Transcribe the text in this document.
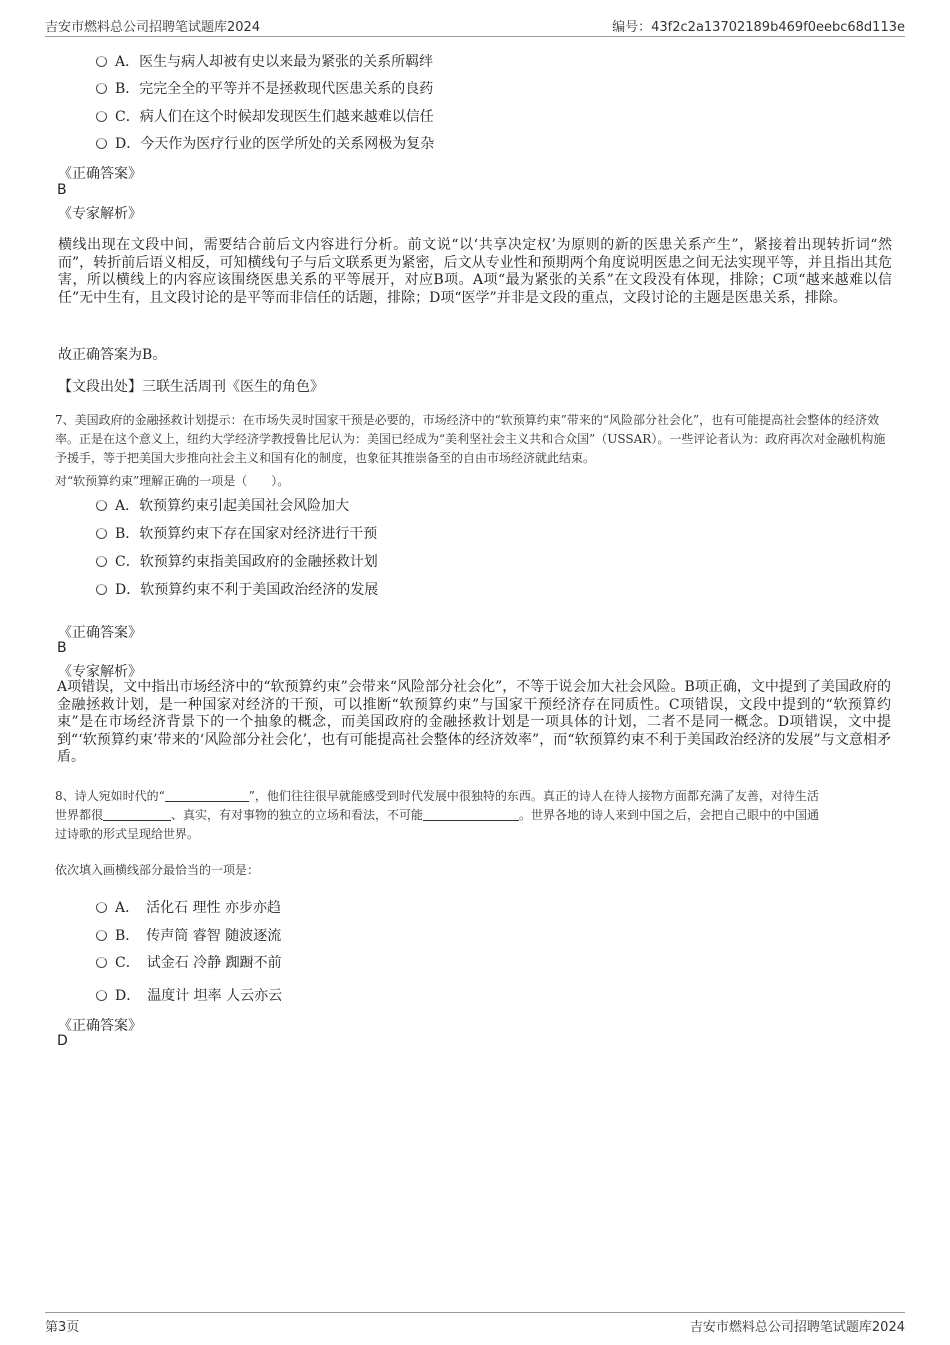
吉安市燃料总公司招聘笔试题库2024	编号：43f2c2a13702189b469f0eebc68d113e
A．医生与病人却被有史以来最为紧张的关系所羁绊
B．完完全全的平等并不是拯救现代医患关系的良药
C．病人们在这个时候却发现医生们越来越难以信任
D．今天作为医疗行业的医学所处的关系网极为复杂
《正确答案》
B
《专家解析》
横线出现在文段中间，需要结合前后文内容进行分析。前文说“以‘共享决定权’为原则的新的医患关系产生”，紧接着出现转折词“然而”，转折前后语义相反，可知横线句子与后文联系更为紧密，后文从专业性和预期两个角度说明医患之间无法实现平等，并且指出其危害，所以横线上的内容应该围绕医患关系的平等展开，对应B项。A项“最为紧张的关系”在文段没有体现，排除；C项“越来越难以信任”无中生有，且文段讨论的是平等而非信任的话题，排除；D项“医学”并非是文段的重点，文段讨论的主题是医患关系，排除。
故正确答案为B。
【文段出处】三联生活周刊《医生的角色》
7、美国政府的金融拯救计划提示：在市场失灵时国家干预是必要的，市场经济中的“软预算约束”带来的“风险部分社会化”，也有可能提高社会整体的经济效率。正是在这个意义上，纽约大学经济学教授鲁比尼认为：美国已经成为“美利坚社会主义共和合众国”（USSAR）。一些评论者认为：政府再次对金融机构施予援手，等于把美国大步推向社会主义和国有化的制度，也象征其推崇备至的自由市场经济就此结束。
对“软预算约束”理解正确的一项是（　　）。
A．软预算约束引起美国社会风险加大
B．软预算约束下存在国家对经济进行干预
C．软预算约束指美国政府的金融拯救计划
D．软预算约束不利于美国政治经济的发展
《正确答案》
B
《专家解析》
A项错误，文中指出市场经济中的“软预算约束”会带来“风险部分社会化”，不等于说会加大社会风险。B项正确，文中提到了美国政府的金融拯救计划，是一种国家对经济的干预，可以推断“软预算约束”与国家干预经济存在同质性。C项错误，文段中提到的“软预算约束”是在市场经济背景下的一个抽象的概念，而美国政府的金融拯救计划是一项具体的计划，二者不是同一概念。D项错误，文中提到“‘软预算约束’带来的‘风险部分社会化’，也有可能提高社会整体的经济效率”，而“软预算约束不利于美国政治经济的发展”与文意相矛盾。
8、诗人宛如时代的“	”，他们往往很早就能感受到时代发展中很独特的东西。真正的诗人在待人接物方面都充满了友善，对待生活
世界都很	、真实，有对事物的独立的立场和看法，不可能	。世界各地的诗人来到中国之后，会把自己眼中的中国通
过诗歌的形式呈现给世界。
依次填入画横线部分最恰当的一项是：
A．　活化石 理性 亦步亦趋
B．　传声筒 睿智 随波逐流
C．　试金石 冷静 踟蹰不前
D．　温度计 坦率 人云亦云
《正确答案》
D
第3页	吉安市燃料总公司招聘笔试题库2024
